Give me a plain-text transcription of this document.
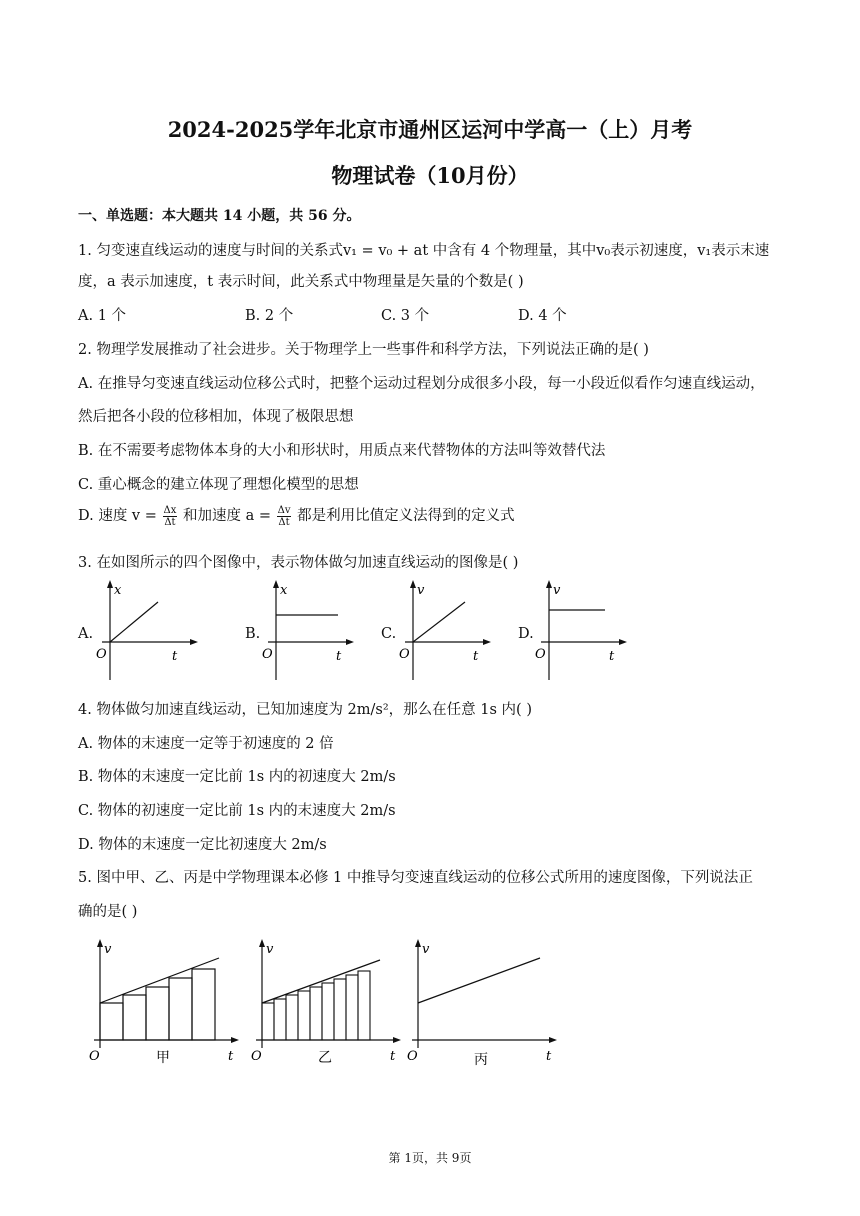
2024-2025学年北京市通州区运河中学高一（上）月考
物理试卷（10月份）
一、单选题：本大题共 14 小题，共 56 分。
1. 匀变速直线运动的速度与时间的关系式v₁ = v₀ + at 中含有 4 个物理量，其中v₀表示初速度，v₁表示末速
度，a 表示加速度，t 表示时间，此关系式中物理量是矢量的个数是( )
A. 1 个	B. 2 个	C. 3 个	D. 4 个
2. 物理学发展推动了社会进步。关于物理学上一些事件和科学方法，下列说法正确的是( )
A. 在推导匀变速直线运动位移公式时，把整个运动过程划分成很多小段，每一小段近似看作匀速直线运动，
然后把各小段的位移相加，体现了极限思想
B. 在不需要考虑物体本身的大小和形状时，用质点来代替物体的方法叫等效替代法
C. 重心概念的建立体现了理想化模型的思想
D. 速度 $v = \frac{\Delta x}{\Delta t}$ 和加速度 $a = \frac{\Delta v}{\Delta t}$ 都是利用比值定义法得到的定义式
3. 在如图所示的四个图像中，表示物体做匀加速直线运动的图像是( )
A.
x
O	t
B.
x
O	t
C.
v
O	t
D.
v
O	t
4. 物体做匀加速直线运动，已知加速度为 2m/s²，那么在任意 1s 内( )
A. 物体的末速度一定等于初速度的 2 倍
B. 物体的末速度一定比前 1s 内的初速度大 2m/s
C. 物体的初速度一定比前 1s 内的末速度大 2m/s
D. 物体的末速度一定比初速度大 2m/s
5. 图中甲、乙、丙是中学物理课本必修 1 中推导匀变速直线运动的位移公式所用的速度图像，下列说法正
确的是( )
v
O	t
甲
v
O	t
乙
v
O	t
丙
第 1页，共 9页
